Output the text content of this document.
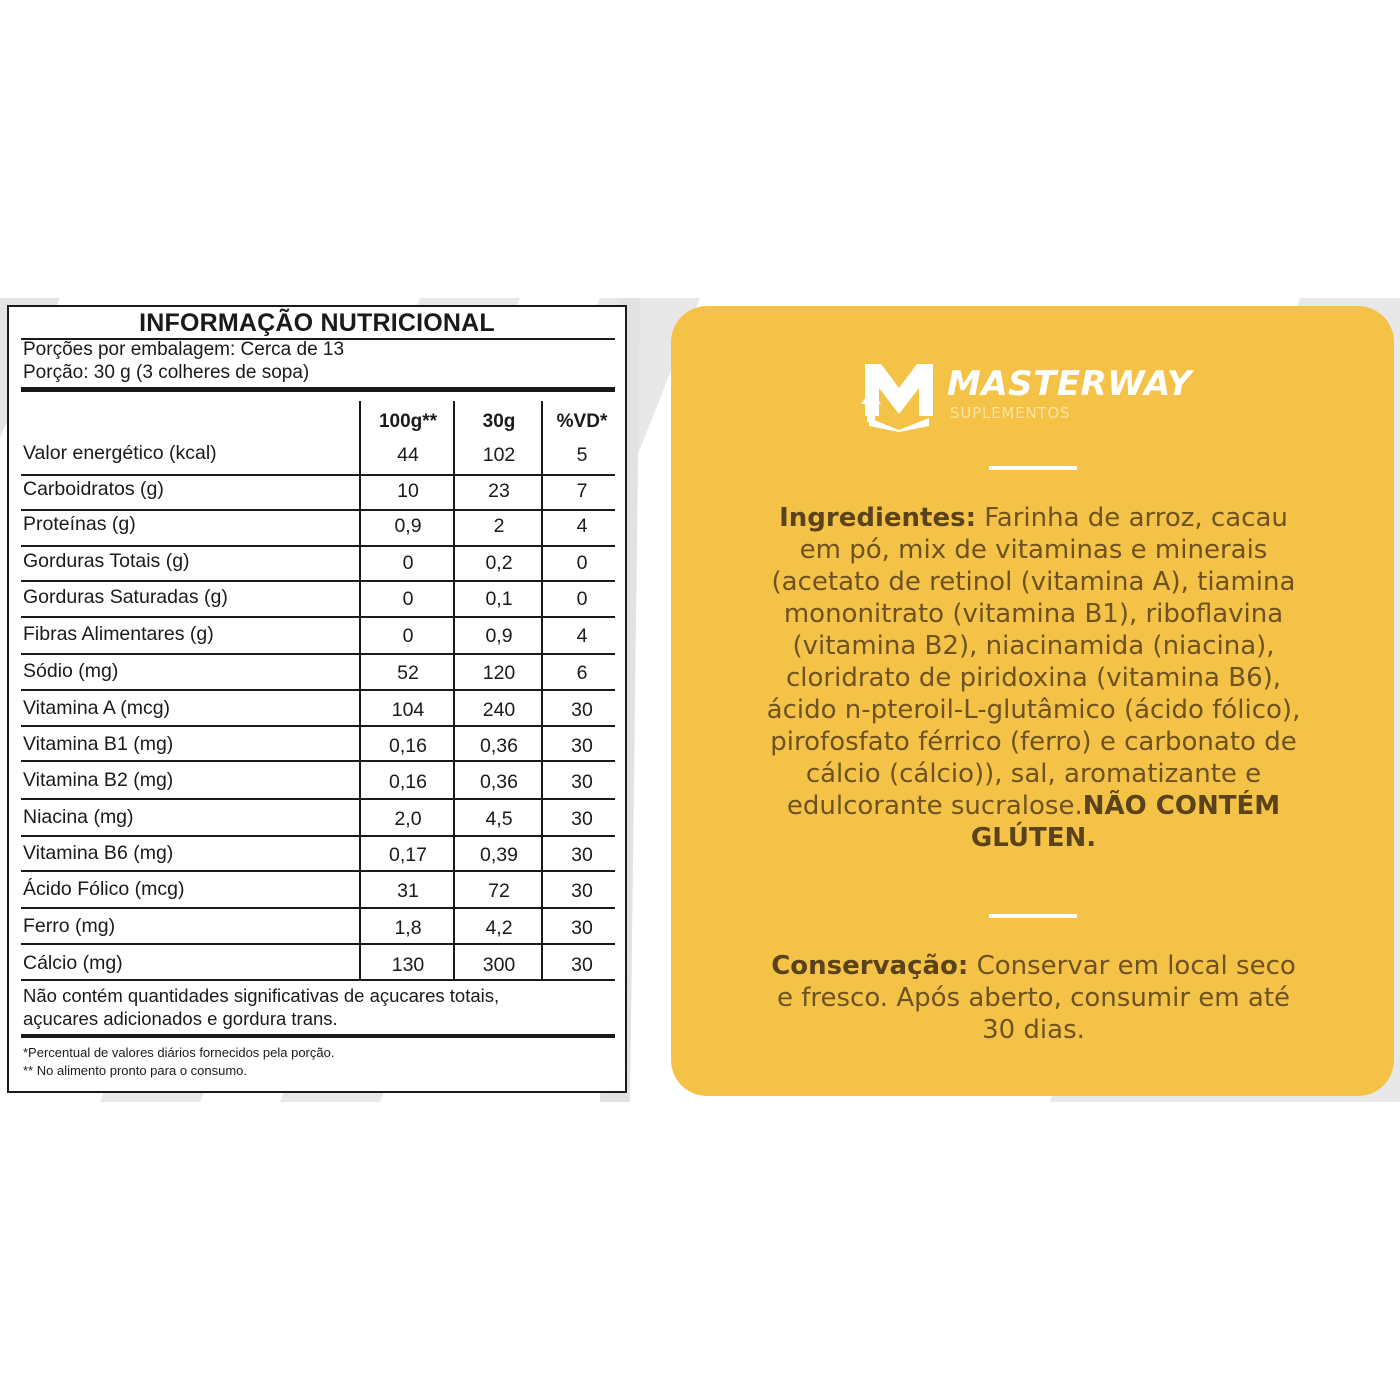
INFORMAÇÃO NUTRICIONAL
Porções por embalagem: Cerca de 13
Porção: 30 g (3 colheres de sopa)
100g**	30g	%VD*
Valor energético (kcal)	44	102	5
Carboidratos (g)	10	23	7
Proteínas (g)	0,9	2	4
Gorduras Totais (g)	0	0,2	0
Gorduras Saturadas (g)	0	0,1	0
Fibras Alimentares (g)	0	0,9	4
Sódio (mg)	52	120	6
Vitamina A (mcg)	104	240	30
Vitamina B1 (mg)	0,16	0,36	30
Vitamina B2 (mg)	0,16	0,36	30
Niacina (mg)	2,0	4,5	30
Vitamina B6 (mg)	0,17	0,39	30
Ácido Fólico (mcg)	31	72	30
Ferro (mg)	1,8	4,2	30
Cálcio (mg)	130	300	30
Não contém quantidades significativas de açucares totais,
açucares adicionados e gordura trans.
*Percentual de valores diários fornecidos pela porção.
** No alimento pronto para o consumo.
MASTERWAY
SUPLEMENTOS
Ingredientes: Farinha de arroz, cacau em pó, mix de vitaminas e minerais (acetato de retinol (vitamina A), tiamina mononitrato (vitamina B1), riboflavina (vitamina B2), niacinamida (niacina), cloridrato de piridoxina (vitamina B6), ácido n-pteroil-L-glutâmico (ácido fólico), pirofosfato férrico (ferro) e carbonato de cálcio (cálcio)), sal, aromatizante e edulcorante sucralose.NÃO CONTÉM GLÚTEN.
Conservação: Conservar em local seco e fresco. Após aberto, consumir em até 30 dias.
